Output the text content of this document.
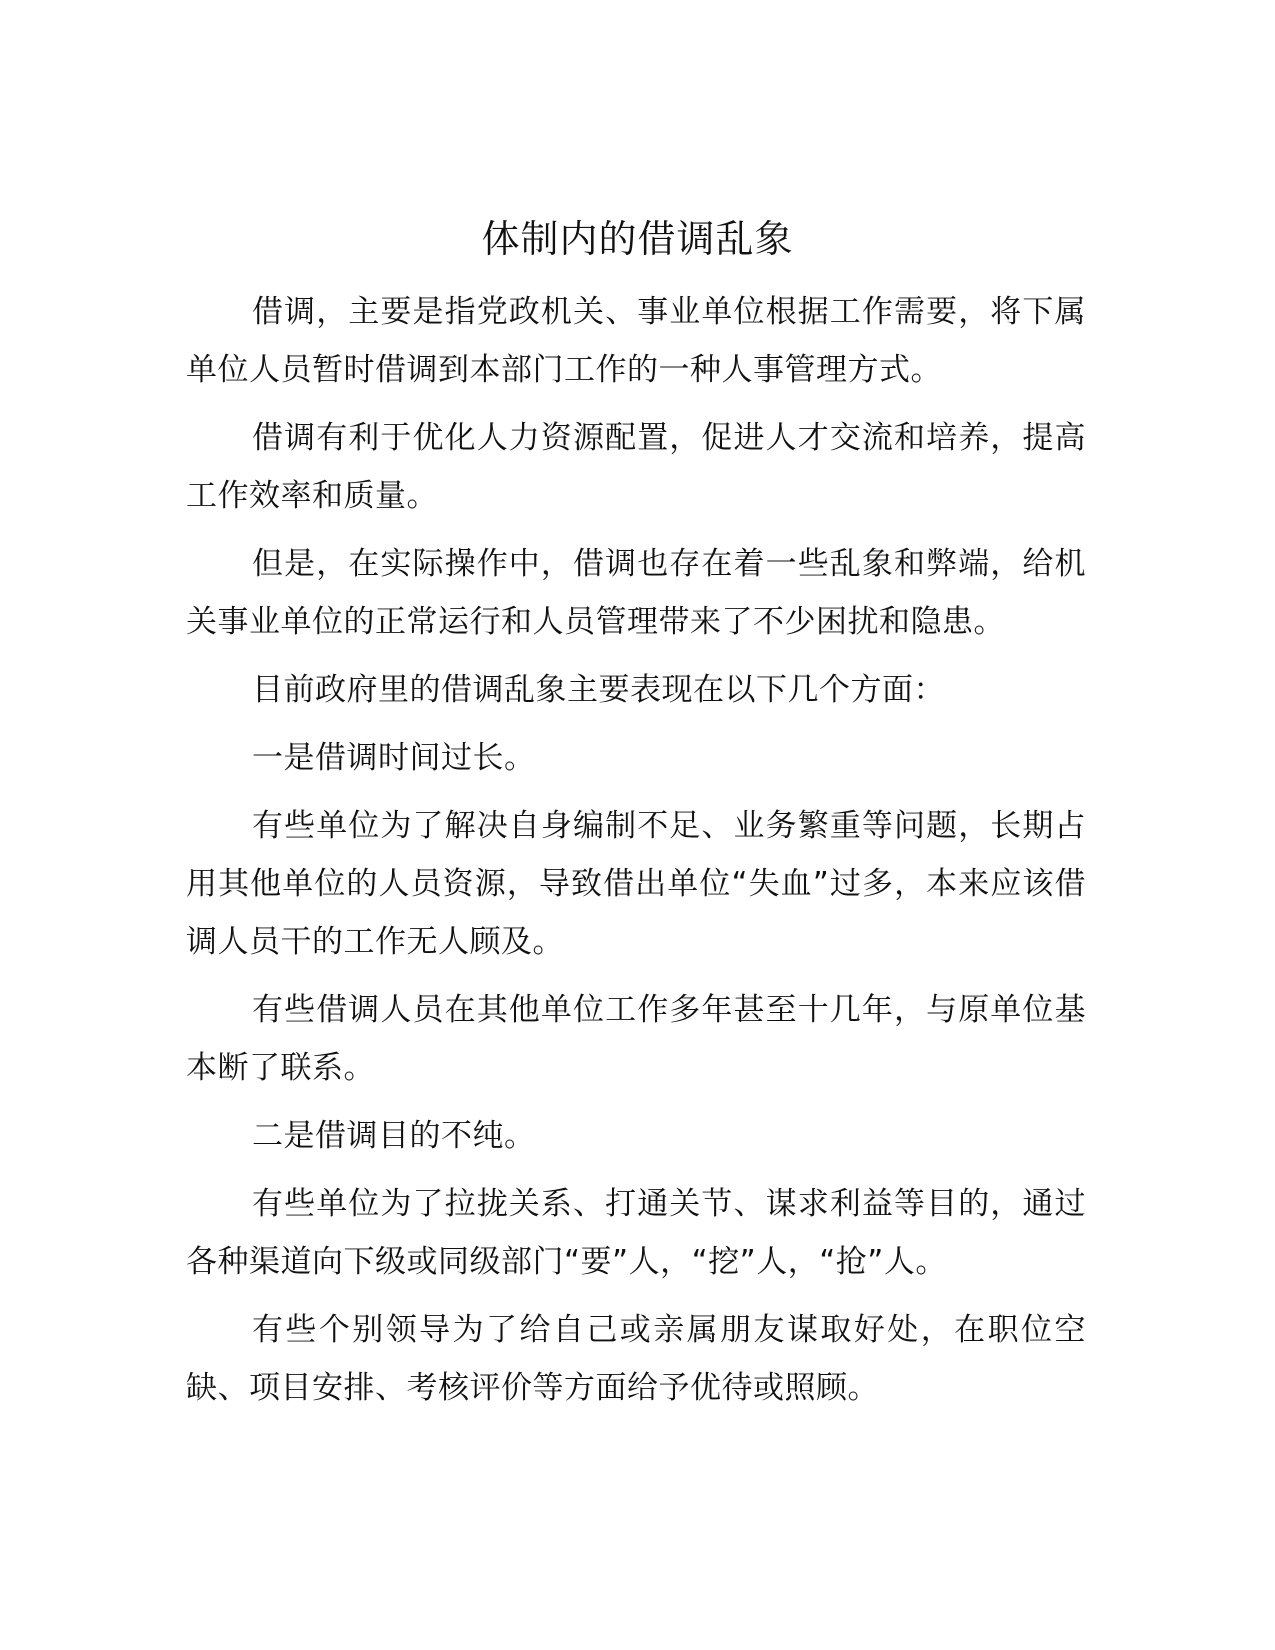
体制内的借调乱象

借调，主要是指党政机关、事业单位根据工作需要，将下属单位人员暂时借调到本部门工作的一种人事管理方式。

借调有利于优化人力资源配置，促进人才交流和培养，提高工作效率和质量。

但是，在实际操作中，借调也存在着一些乱象和弊端，给机关事业单位的正常运行和人员管理带来了不少困扰和隐患。

目前政府里的借调乱象主要表现在以下几个方面：

一是借调时间过长。

有些单位为了解决自身编制不足、业务繁重等问题，长期占用其他单位的人员资源，导致借出单位“失血”过多，本来应该借调人员干的工作无人顾及。

有些借调人员在其他单位工作多年甚至十几年，与原单位基本断了联系。

二是借调目的不纯。

有些单位为了拉拢关系、打通关节、谋求利益等目的，通过各种渠道向下级或同级部门“要”人，“挖”人，“抢”人。

有些个别领导为了给自己或亲属朋友谋取好处，在职位空缺、项目安排、考核评价等方面给予优待或照顾。
